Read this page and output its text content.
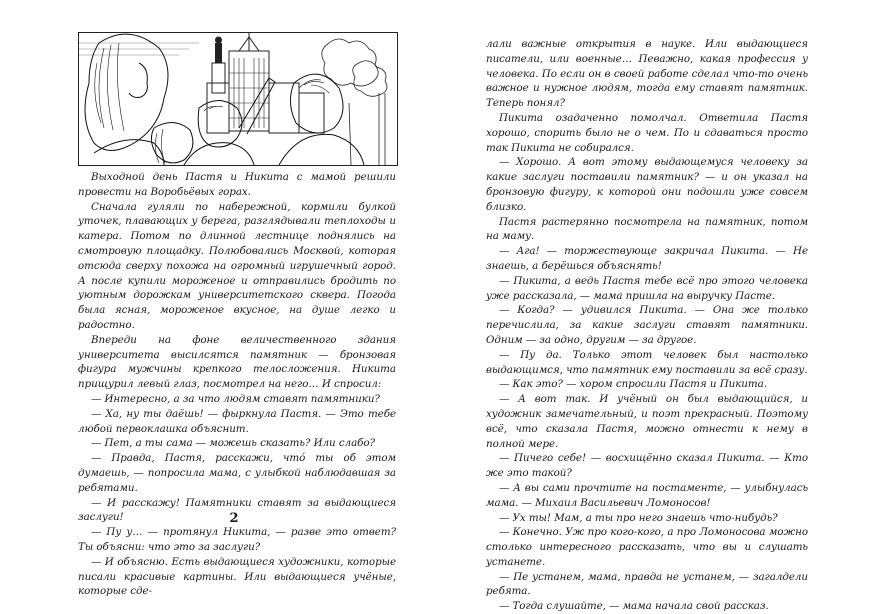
Выходной день Пастя и Никита с мамой решили провести на Воробьёвых горах.

Сначала гуляли по набережной, кормили булкой уточек, плавающих у берега, разглядывали теплоходы и катера. Потом по длинной лестнице поднялись на смотровую площадку. Полюбовались Москвой, которая отсюда сверху похожа на огромный игрушечный город. А после купили мороженое и отправились бродить по уютным дорожкам университетского сквера. Погода была ясная, мороженое вкусное, на душе легко и радостно.

Впереди на фоне величественного здания университета высилсятся памятник — бронзовая фигура мужчины крепкого телосложения. Никита прищурил левый глаз, посмотрел на него… И спросил:

— Интересно, а за что людям ставят памятники?

— Ха, ну ты даёшь! — фыркнула Пастя. — Это тебе любой первоклашка объяснит.

— Пет, а ты сама — можешь сказать? Или слабо?

— Правда, Пастя, расскажи, что́ ты об этом думаешь, — попросила мама, с улыбкой наблюдавшая за ребятами.

— И расскажу! Памятники ставят за выдающиеся заслуги!

— Пу у… — протянул Никита, — разве это ответ? Ты объясни: что это за заслуги?

— И объясню. Есть выдающиеся художники, которые писали красивые картины. Или выдающиеся учёные, которые сде-

лали важные открытия в науке. Или выдающиеся писатели, или военные… Певажно, какая профессия у человека. По если он в своей работе сделал что-то очень важное и нужное людям, тогда ему ставят памятник. Теперь понял?

Пикита озадаченно помолчал. Ответила Пастя хорошо, спорить было не о чем. По и сдаваться просто так Пикита не собирался.

— Хорошо. А вот этому выдающемуся человеку за какие заслуги поставили памятник? — и он указал на бронзовую фигуру, к которой они подошли уже совсем близко.

Пастя растерянно посмотрела на памятник, потом на маму.

— Ага! — торжествующе закричал Пикита. — Не знаешь, а берёшься объяснять!

— Пикита, а ведь Пастя тебе всё про этого человека уже рассказала, — мама пришла на выручку Пасте.

— Когда? — удивился Пикита. — Она же только перечислила, за какие заслуги ставят памятники. Одним — за одно, другим — за другое.

— Пу да. Только этот человек был настолько выдающимся, что памятник ему поставили за всё сразу.

— Как это? — хором спросили Пастя и Пикита.

— А вот так. И учёный он был выдающийся, и художник замечательный, и поэт прекрасный. Поэтому всё, что сказала Пастя, можно отнести к нему в полной мере.

— Пичего себе! — восхищённо сказал Пикита. — Кто же это такой?

— А вы сами прочтите на постаменте, — улыбнулась мама. — Михаил Васильевич Ломоносов!

— Ух ты! Мам, а ты про него знаешь что-нибудь?

— Конечно. Уж про кого-кого, а про Ломоносова можно столько интересного рассказать, что вы и слушать устанете.

— Пе устанем, мама, правда не устанем, — загалдели ребята.

— Тогда слушайте, — мама начала свой рассказ.

2
